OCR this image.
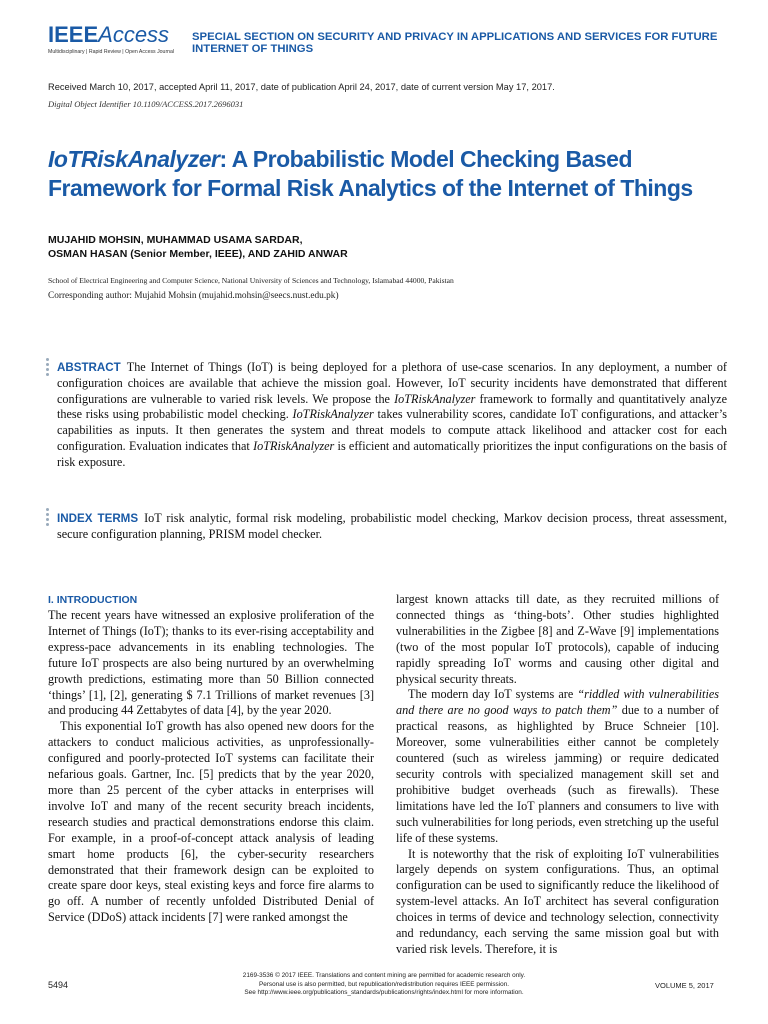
IEEEAccess
Multidisciplinary | Rapid Review | Open Access Journal
SPECIAL SECTION ON SECURITY AND PRIVACY IN APPLICATIONS AND SERVICES FOR FUTURE INTERNET OF THINGS
Received March 10, 2017, accepted April 11, 2017, date of publication April 24, 2017, date of current version May 17, 2017.
Digital Object Identifier 10.1109/ACCESS.2017.2696031
IoTRiskAnalyzer: A Probabilistic Model Checking Based Framework for Formal Risk Analytics of the Internet of Things
MUJAHID MOHSIN, MUHAMMAD USAMA SARDAR,
OSMAN HASAN (Senior Member, IEEE), AND ZAHID ANWAR
School of Electrical Engineering and Computer Science, National University of Sciences and Technology, Islamabad 44000, Pakistan
Corresponding author: Mujahid Mohsin (mujahid.mohsin@seecs.nust.edu.pk)
ABSTRACT The Internet of Things (IoT) is being deployed for a plethora of use-case scenarios. In any deployment, a number of configuration choices are available that achieve the mission goal. However, IoT security incidents have demonstrated that different configurations are vulnerable to varied risk levels. We propose the IoTRiskAnalyzer framework to formally and quantitatively analyze these risks using probabilistic model checking. IoTRiskAnalyzer takes vulnerability scores, candidate IoT configurations, and attacker’s capabilities as inputs. It then generates the system and threat models to compute attack likelihood and attacker cost for each configuration. Evaluation indicates that IoTRiskAnalyzer is efficient and automatically prioritizes the input configurations on the basis of risk exposure.
INDEX TERMS IoT risk analytic, formal risk modeling, probabilistic model checking, Markov decision process, threat assessment, secure configuration planning, PRISM model checker.
I. INTRODUCTION

The recent years have witnessed an explosive proliferation of the Internet of Things (IoT); thanks to its ever-rising acceptability and express-pace advancements in its enabling technologies. The future IoT prospects are also being nurtured by an overwhelming growth predictions, estimating more than 50 Billion connected ‘things’ [1], [2], generating $ 7.1 Trillions of market revenues [3] and producing 44 Zettabytes of data [4], by the year 2020.

This exponential IoT growth has also opened new doors for the attackers to conduct malicious activities, as unprofessionally-configured and poorly-protected IoT systems can facilitate their nefarious goals. Gartner, Inc. [5] predicts that by the year 2020, more than 25 percent of the cyber attacks in enterprises will involve IoT and many of the recent security breach incidents, research studies and practical demonstrations endorse this claim. For example, in a proof-of-concept attack analysis of leading smart home products [6], the cyber-security researchers demonstrated that their framework design can be exploited to create spare door keys, steal existing keys and force fire alarms to go off. A number of recently unfolded Distributed Denial of Service (DDoS) attack incidents [7] were ranked amongst the

largest known attacks till date, as they recruited millions of connected things as ‘thing-bots’. Other studies highlighted vulnerabilities in the Zigbee [8] and Z-Wave [9] implementations (two of the most popular IoT protocols), capable of inducing rapidly spreading IoT worms and causing other digital and physical security threats.

The modern day IoT systems are “riddled with vulnerabilities and there are no good ways to patch them” due to a number of practical reasons, as highlighted by Bruce Schneier [10]. Moreover, some vulnerabilities either cannot be completely countered (such as wireless jamming) or require dedicated security controls with specialized management skill set and prohibitive budget overheads (such as firewalls). These limitations have led the IoT planners and consumers to live with such vulnerabilities for long periods, even stretching up the useful life of these systems.

It is noteworthy that the risk of exploiting IoT vulnerabilities largely depends on system configurations. Thus, an optimal configuration can be used to significantly reduce the likelihood of system-level attacks. An IoT architect has several configuration choices in terms of device and technology selection, connectivity and redundancy, each serving the same mission goal but with varied risk levels. Therefore, it is

5494
2169-3536 © 2017 IEEE. Translations and content mining are permitted for academic research only.
Personal use is also permitted, but republication/redistribution requires IEEE permission.
See http://www.ieee.org/publications_standards/publications/rights/index.html for more information.
VOLUME 5, 2017
